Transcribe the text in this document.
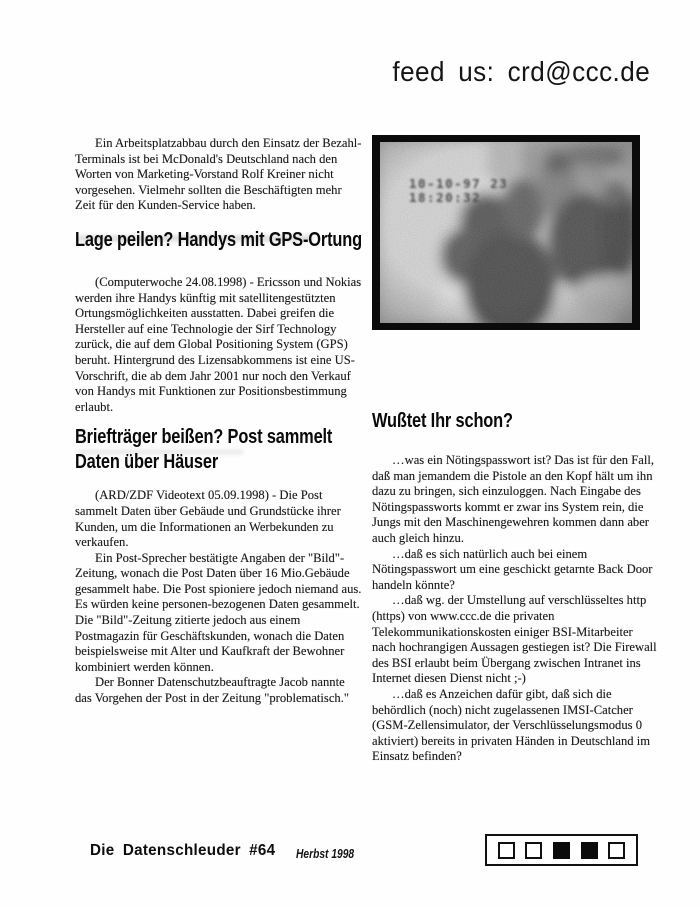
feed us: crd@ccc.de

Ein Arbeitsplatzabbau durch den Einsatz der Bezahl- Terminals ist bei McDonald's Deutschland nach den Worten von Marketing-Vorstand Rolf Kreiner nicht vorgesehen. Vielmehr sollten die Beschäftigten mehr Zeit für den Kunden-Service haben.

Lage peilen? Handys mit GPS-Ortung

(Computerwoche 24.08.1998) - Ericsson und Nokias werden ihre Handys künftig mit satellitengestützten Ortungsmöglichkeiten ausstatten. Dabei greifen die Hersteller auf eine Technologie der Sirf Technology zurück, die auf dem Global Positioning System (GPS) beruht. Hintergrund des Lizensabkommens ist eine US-Vorschrift, die ab dem Jahr 2001 nur noch den Verkauf von Handys mit Funktionen zur Positionsbestimmung erlaubt.

Briefträger beißen? Post sammelt
Daten über Häuser

(ARD/ZDF Videotext 05.09.1998) - Die Post sammelt Daten über Gebäude und Grundstücke ihrer Kunden, um die Informationen an Werbekunden zu verkaufen.

Ein Post-Sprecher bestätigte Angaben der "Bild"-Zeitung, wonach die Post Daten über 16 Mio.Gebäude gesammelt habe. Die Post spioniere jedoch niemand aus. Es würden keine personen-bezogenen Daten gesammelt. Die "Bild"-Zeitung zitierte jedoch aus einem Postmagazin für Geschäftskunden, wonach die Daten beispielsweise mit Alter und Kaufkraft der Bewohner kombiniert werden können.

Der Bonner Datenschutzbeauftragte Jacob nannte das Vorgehen der Post in der Zeitung "problematisch."

Wußtet Ihr schon?

…was ein Nötingspasswort ist? Das ist für den Fall, daß man jemandem die Pistole an den Kopf hält um ihn dazu zu bringen, sich einzuloggen. Nach Eingabe des Nötingspassworts kommt er zwar ins System rein, die Jungs mit den Maschinengewehren kommen dann aber auch gleich hinzu.

…daß es sich natürlich auch bei einem Nötingspasswort um eine geschickt getarnte Back Door handeln könnte?

…daß wg. der Umstellung auf verschlüsseltes http (https) von www.ccc.de die privaten Telekommunikationskosten einiger BSI-Mitarbeiter nach hochrangigen Aussagen gestiegen ist? Die Firewall des BSI erlaubt beim Übergang zwischen Intranet ins Internet diesen Dienst nicht ;-)

…daß es Anzeichen dafür gibt, daß sich die behördlich (noch) nicht zugelassenen IMSI-Catcher (GSM-Zellensimulator, der Verschlüsselungsmodus 0 aktiviert) bereits in privaten Händen in Deutschland im Einsatz befinden?

Die Datenschleuder #64 Herbst 1998
